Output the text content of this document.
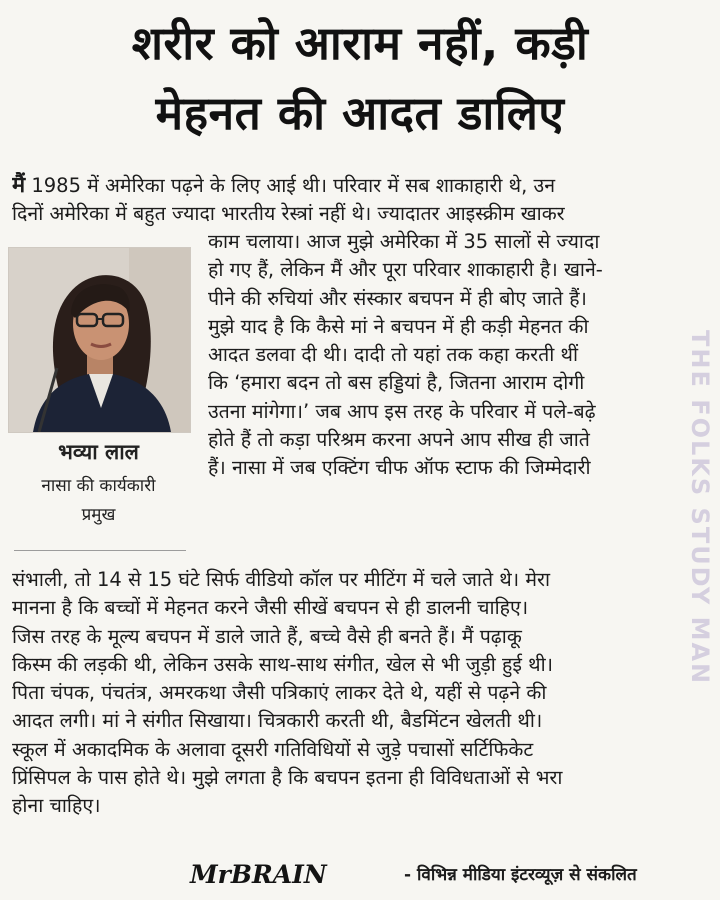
शरीर को आराम नहीं, कड़ी
मेहनत की आदत डालिए
मैं 1985 में अमेरिका पढ़ने के लिए आई थी। परिवार में सब शाकाहारी थे, उन
दिनों अमेरिका में बहुत ज्यादा भारतीय रेस्त्रां नहीं थे। ज्यादातर आइस्क्रीम खाकर
काम चलाया। आज मुझे अमेरिका में 35 सालों से ज्यादा
हो गए हैं, लेकिन मैं और पूरा परिवार शाकाहारी है। खाने-
पीने की रुचियां और संस्कार बचपन में ही बोए जाते हैं।
मुझे याद है कि कैसे मां ने बचपन में ही कड़ी मेहनत की
आदत डलवा दी थी। दादी तो यहां तक कहा करती थीं
कि ‘हमारा बदन तो बस हड्डियां है, जितना आराम दोगी
उतना मांगेगा।’ जब आप इस तरह के परिवार में पले-बढ़े
होते हैं तो कड़ा परिश्रम करना अपने आप सीख ही जाते
हैं। नासा में जब एक्टिंग चीफ ऑफ स्टाफ की जिम्मेदारी
संभाली, तो 14 से 15 घंटे सिर्फ वीडियो कॉल पर मीटिंग में चले जाते थे। मेरा
मानना है कि बच्चों में मेहनत करने जैसी सीखें बचपन से ही डालनी चाहिए।
जिस तरह के मूल्य बचपन में डाले जाते हैं, बच्चे वैसे ही बनते हैं। मैं पढ़ाकू
किस्म की लड़की थी, लेकिन उसके साथ-साथ संगीत, खेल से भी जुड़ी हुई थी।
पिता चंपक, पंचतंत्र, अमरकथा जैसी पत्रिकाएं लाकर देते थे, यहीं से पढ़ने की
आदत लगी। मां ने संगीत सिखाया। चित्रकारी करती थी, बैडमिंटन खेलती थी।
स्कूल में अकादमिक के अलावा दूसरी गतिविधियों से जुड़े पचासों सर्टिफिकेट
प्रिंसिपल के पास होते थे। मुझे लगता है कि बचपन इतना ही विविधताओं से भरा
होना चाहिए।
भव्या लाल
नासा की कार्यकारी
प्रमुख	THE FOLKS STUDY MAN
MrBRAIN	- विभिन्न मीडिया इंटरव्यूज़ से संकलित
